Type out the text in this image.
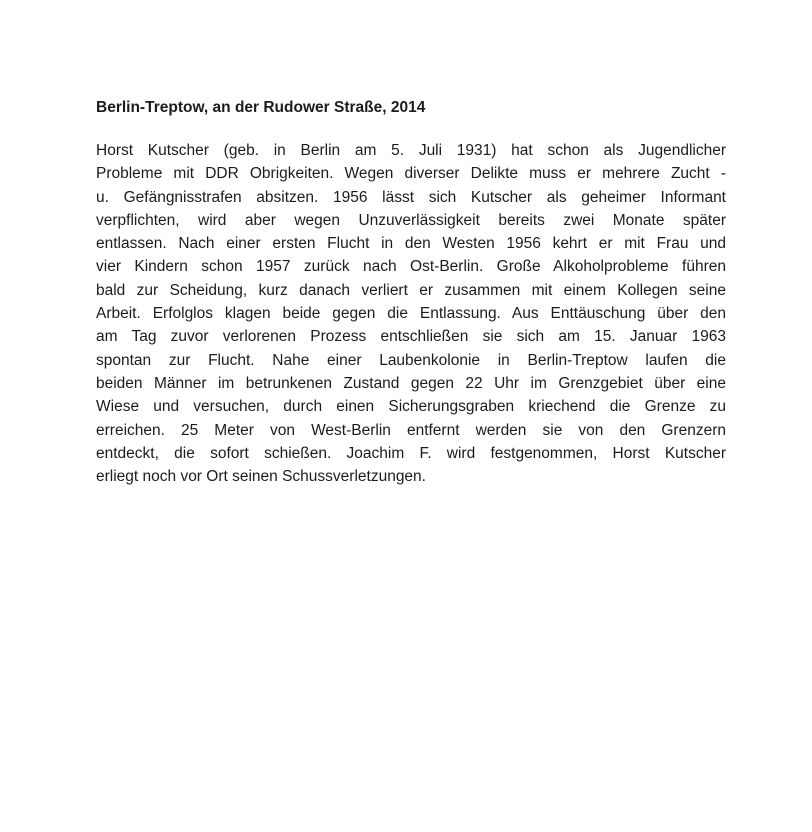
Berlin-Treptow, an der Rudower Straße, 2014
Horst Kutscher (geb. in Berlin am 5. Juli 1931) hat schon als Jugendlicher
Probleme mit DDR Obrigkeiten. Wegen diverser Delikte muss er mehrere Zucht -
u. Gefängnisstrafen absitzen. 1956 lässt sich Kutscher als geheimer Informant
verpflichten, wird aber wegen Unzuverlässigkeit bereits zwei Monate später
entlassen. Nach einer ersten Flucht in den Westen 1956 kehrt er mit Frau und
vier Kindern schon 1957 zurück nach Ost-Berlin. Große Alkoholprobleme führen
bald zur Scheidung, kurz danach verliert er zusammen mit einem Kollegen seine
Arbeit. Erfolglos klagen beide gegen die Entlassung. Aus Enttäuschung über den
am Tag zuvor verlorenen Prozess entschließen sie sich am 15. Januar 1963
spontan zur Flucht. Nahe einer Laubenkolonie in Berlin-Treptow laufen die
beiden Männer im betrunkenen Zustand gegen 22 Uhr im Grenzgebiet über eine
Wiese und versuchen, durch einen Sicherungsgraben kriechend die Grenze zu
erreichen. 25 Meter von West-Berlin entfernt werden sie von den Grenzern
entdeckt, die sofort schießen. Joachim F. wird festgenommen, Horst Kutscher
erliegt noch vor Ort seinen Schussverletzungen.
